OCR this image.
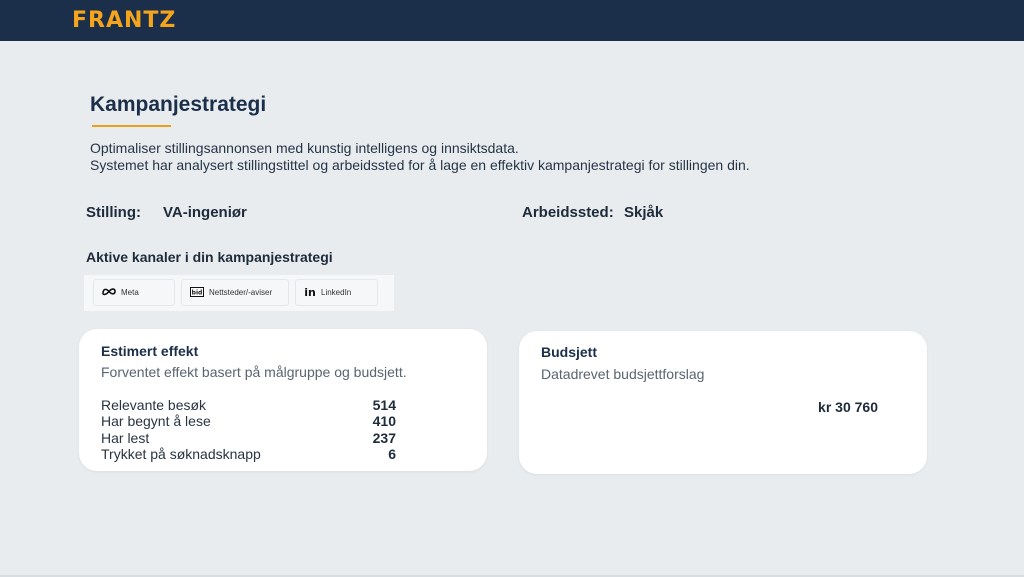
FRANTZ
Kampanjestrategi
Optimaliser stillingsannonsen med kunstig intelligens og innsiktsdata.
Systemet har analysert stillingstittel og arbeidssted for å lage en effektiv kampanjestrategi for stillingen din.
Stilling: VA-ingeniør	Arbeidssted: Skjåk
Aktive kanaler i din kampanjestrategi
Meta	bid Nettsteder/-aviser	in LinkedIn
Estimert effekt
Forventet effekt basert på målgruppe og budsjett.
Relevante besøk	514
Har begynt å lese	410
Har lest	237
Trykket på søknadsknapp	6
Budsjett
Datadrevet budsjettforslag
kr 30 760
